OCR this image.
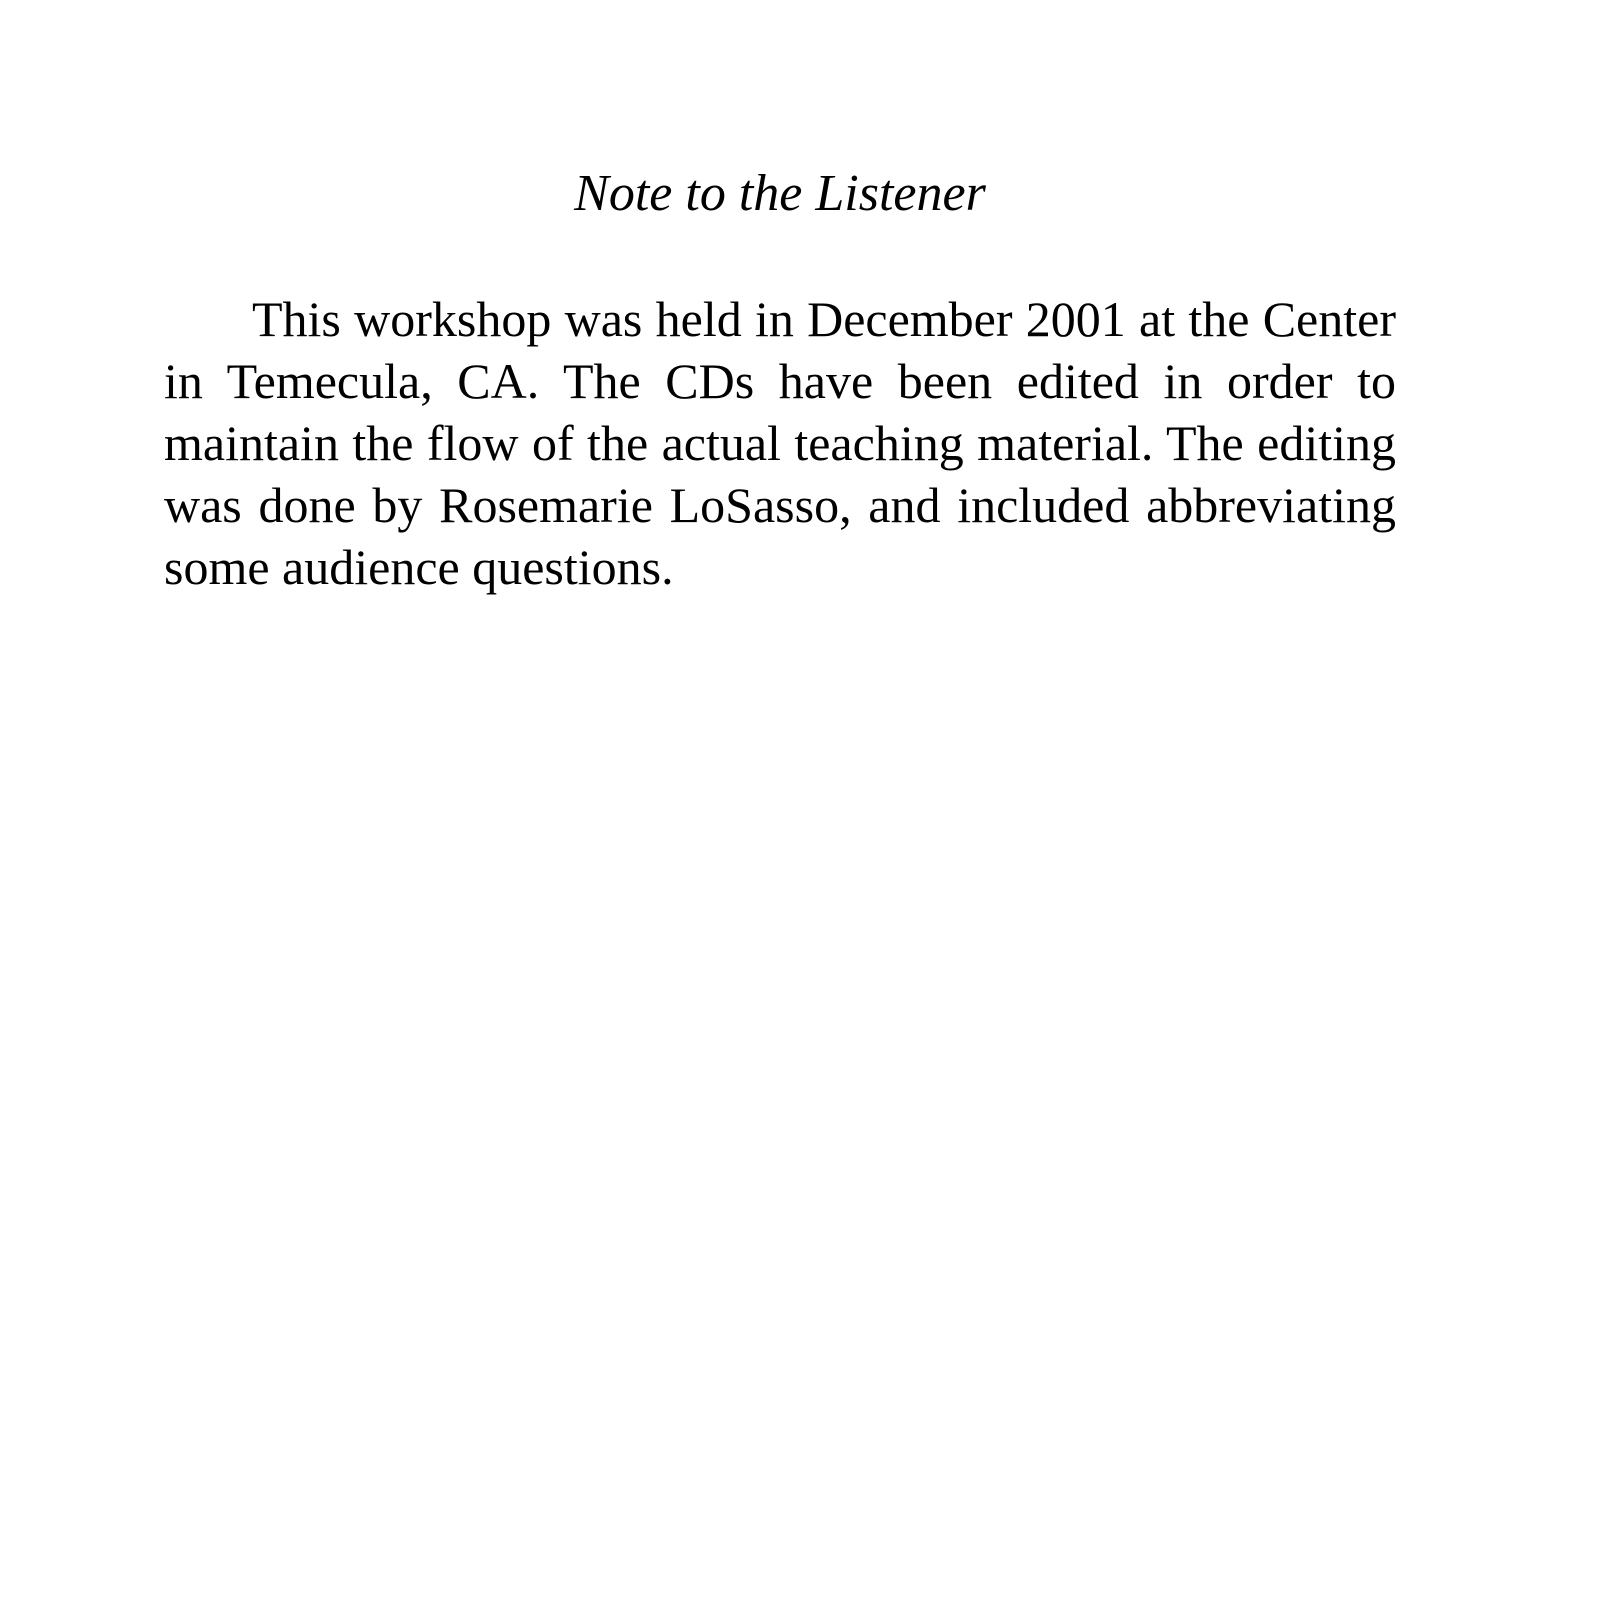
Note to the Listener

This workshop was held in December 2001 at the Center in Temecula, CA. The CDs have been edited in order to maintain the flow of the actual teaching material. The editing was done by Rosemarie LoSasso, and included abbreviating some audience questions.
